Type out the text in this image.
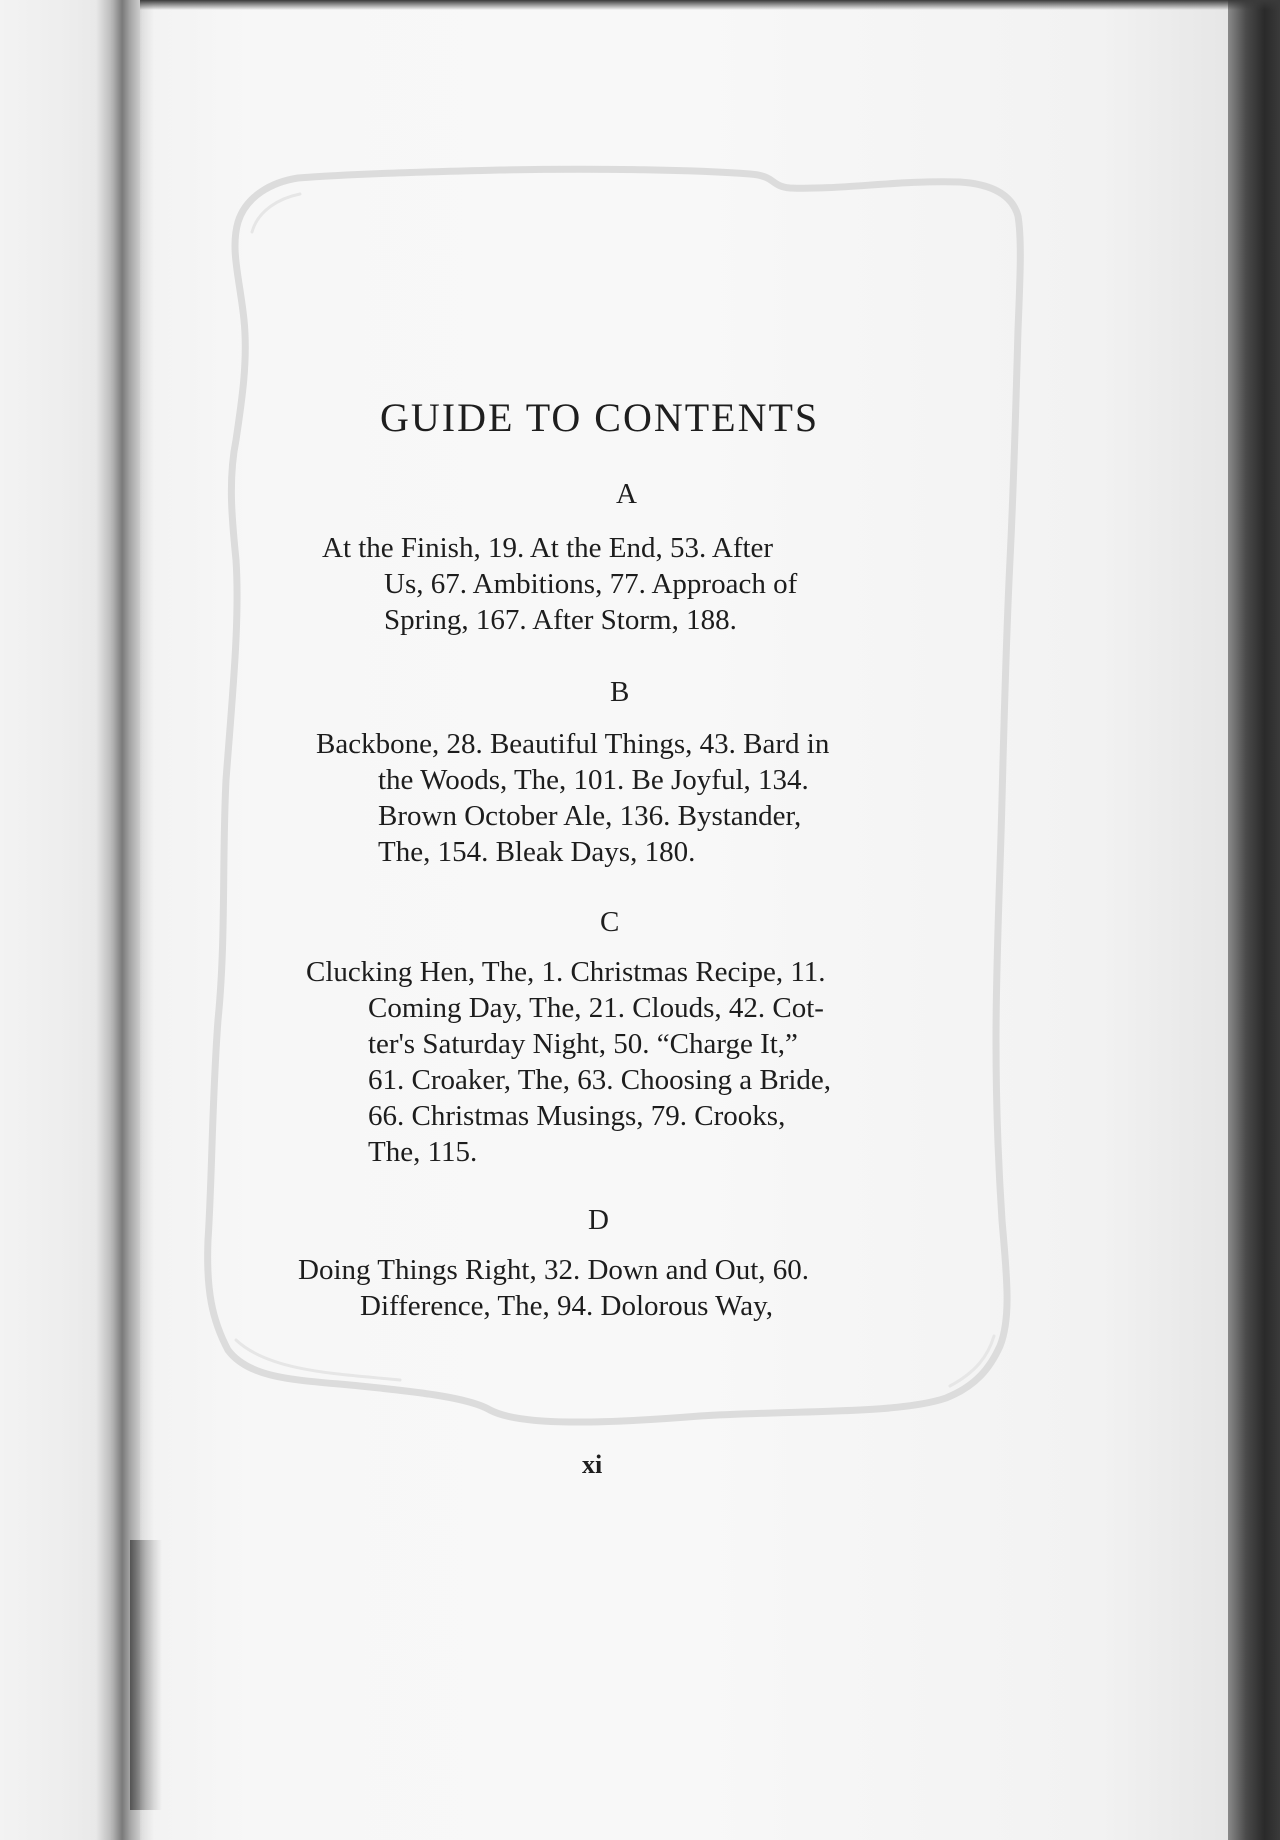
GUIDE TO CONTENTS
A
At the Finish, 19. At the End, 53. After
Us, 67. Ambitions, 77. Approach of
Spring, 167. After Storm, 188.
B
Backbone, 28. Beautiful Things, 43. Bard in
the Woods, The, 101. Be Joyful, 134.
Brown October Ale, 136. Bystander,
The, 154. Bleak Days, 180.
C
Clucking Hen, The, 1. Christmas Recipe, 11.
Coming Day, The, 21. Clouds, 42. Cot-
ter's Saturday Night, 50. “Charge It,”
61. Croaker, The, 63. Choosing a Bride,
66. Christmas Musings, 79. Crooks,
The, 115.
D
Doing Things Right, 32. Down and Out, 60.
Difference, The, 94. Dolorous Way,
xi
